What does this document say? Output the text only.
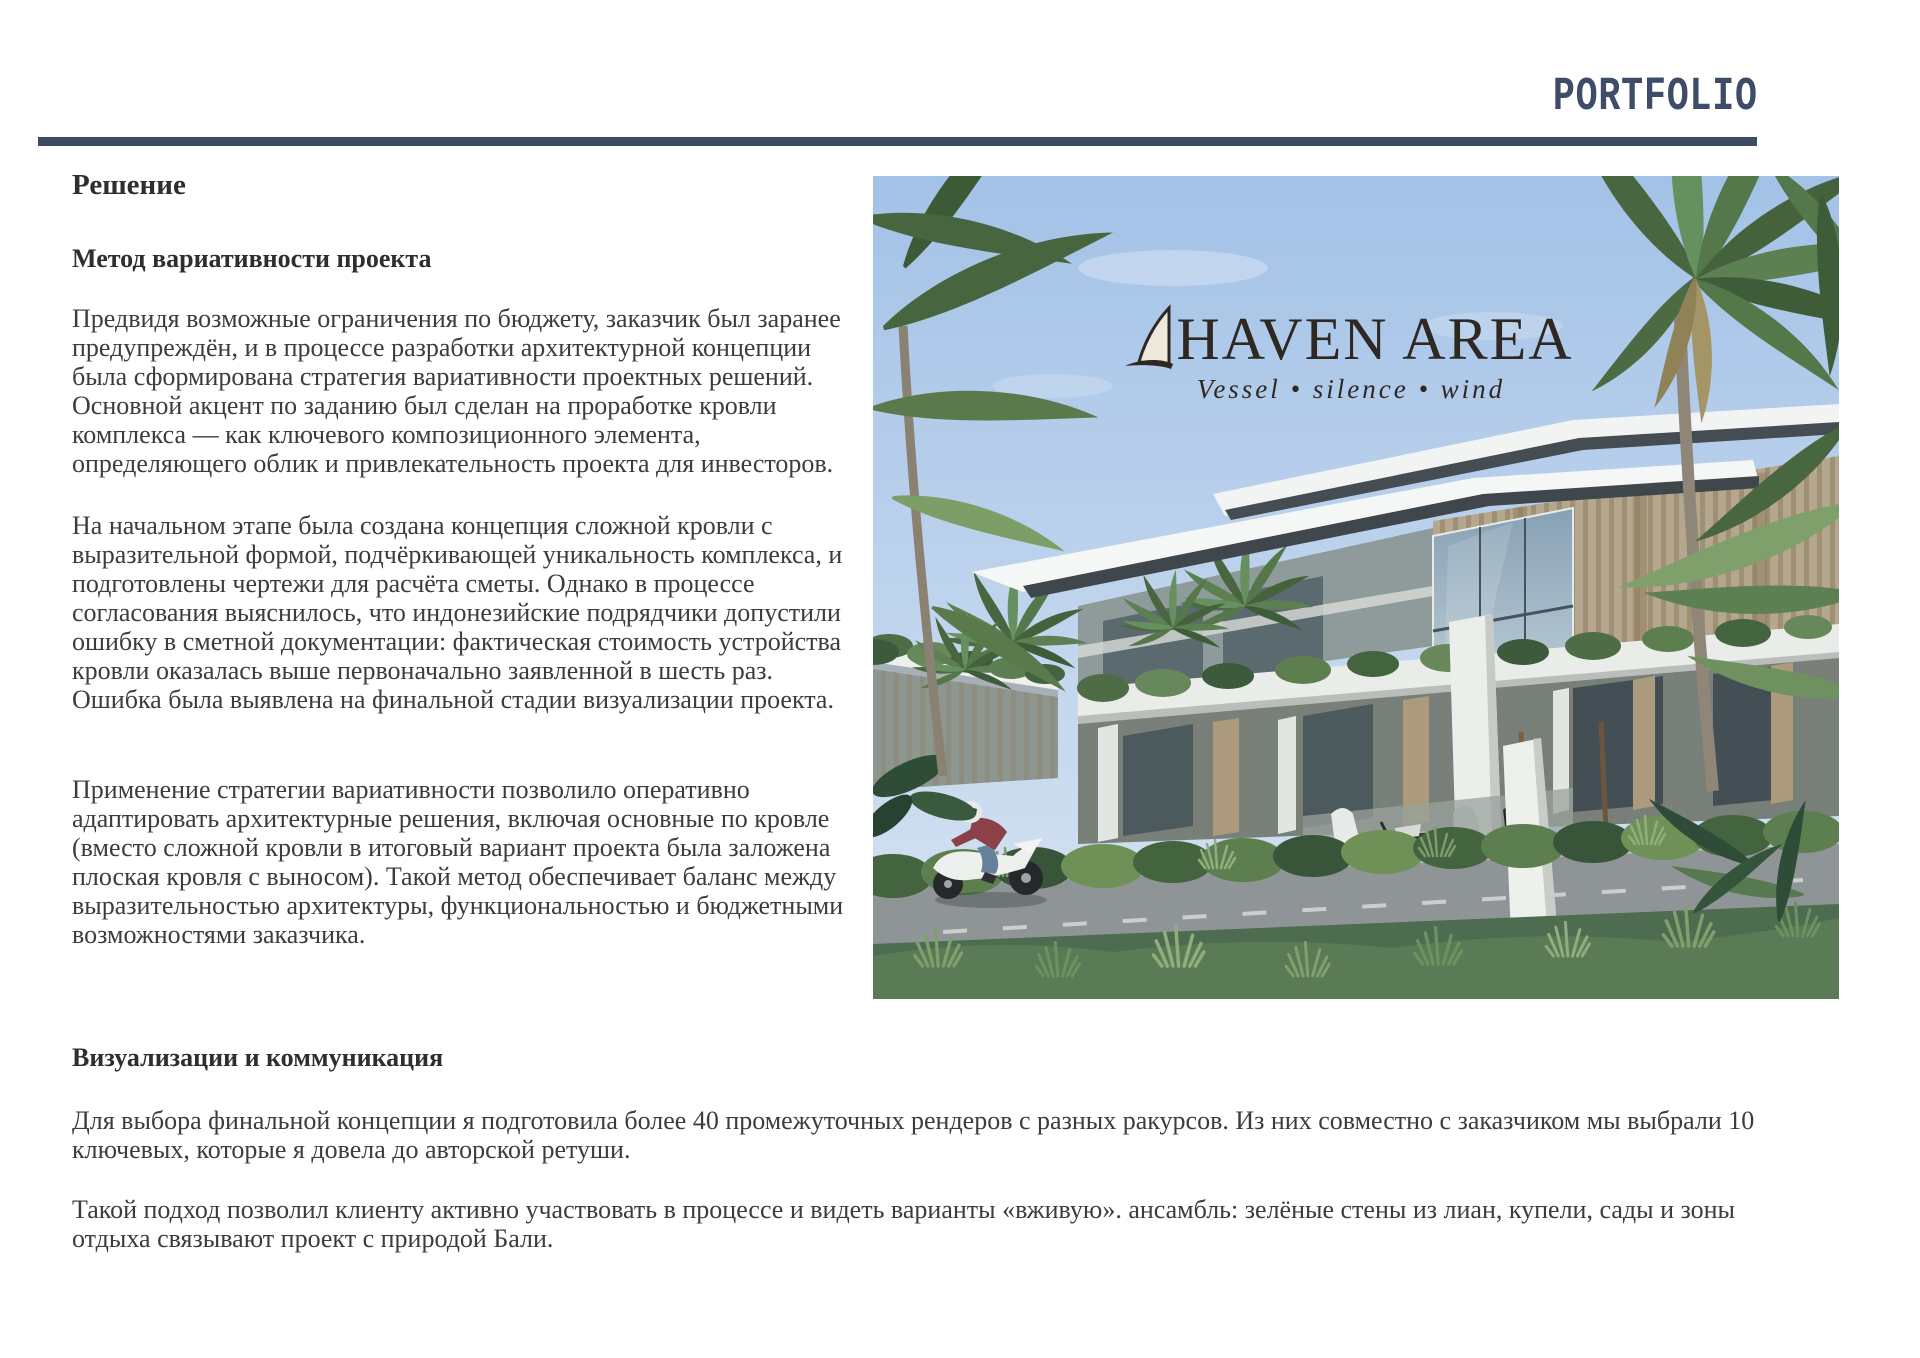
PORTFOLIO
Решение
Метод вариативности проекта

Предвидя возможные ограничения по бюджету, заказчик был заранее предупреждён, и в процессе разработки архитектурной концепции была сформирована стратегия вариативности проектных решений. Основной акцент по заданию был сделан на проработке кровли комплекса — как ключевого композиционного элемента, определяющего облик и привлекательность проекта для инвесторов.

На начальном этапе была создана концепция сложной кровли с выразительной формой, подчёркивающей уникальность комплекса, и подготовлены чертежи для расчёта сметы. Однако в процессе согласования выяснилось, что индонезийские подрядчики допустили ошибку в сметной документации: фактическая стоимость устройства кровли оказалась выше первоначально заявленной в шесть раз. Ошибка была выявлена на финальной стадии визуализации проекта.

Применение стратегии вариативности позволило оперативно адаптировать архитектурные решения, включая основные по кровле (вместо сложной кровли в итоговый вариант проекта была заложена плоская кровля с выносом). Такой метод обеспечивает баланс между выразительностью архитектуры, функциональностью и бюджетными возможностями заказчика.

HAVEN AREA
Vessel • silence • wind
Визуализации и коммуникация

Для выбора финальной концепции я подготовила более 40 промежуточных рендеров с разных ракурсов. Из них совместно с заказчиком мы выбрали 10 ключевых, которые я довела до авторской ретуши.

Такой подход позволил клиенту активно участвовать в процессе и видеть варианты «вживую». ансамбль: зелёные стены из лиан, купели, сады и зоны отдыха связывают проект с природой Бали.
